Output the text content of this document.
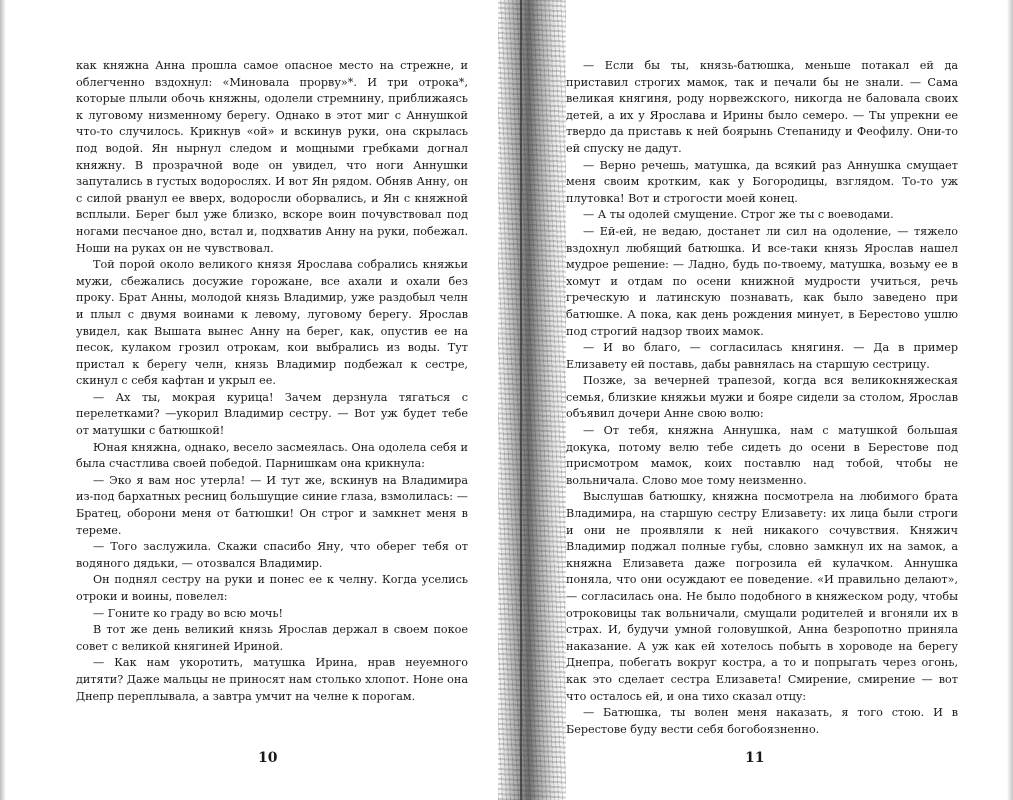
как княжна Анна прошла самое опасное место на стрежне, и облегченно вздохнул: «Миновала прорву»*. И три отрока*, которые плыли обочь княжны, одолели стремнину, приближаясь к луговому низменному берегу. Однако в этот миг с Аннушкой что-то случилось. Крикнув «ой» и вскинув руки, она скрылась под водой. Ян нырнул следом и мощными гребками догнал княжну. В прозрачной воде он увидел, что ноги Аннушки запутались в густых водорослях. И вот Ян рядом. Обняв Анну, он с силой рванул ее вверх, водоросли оборвались, и Ян с княжной всплыли. Берег был уже близко, вскоре воин почувствовал под ногами песчаное дно, встал и, подхватив Анну на руки, побежал. Ноши на руках он не чувствовал.

Той порой около великого князя Ярослава собрались княжьи мужи, сбежались досужие горожане, все ахали и охали без проку. Брат Анны, молодой князь Владимир, уже раздобыл челн и плыл с двумя воинами к левому, луговому берегу. Ярослав увидел, как Вышата вынес Анну на берег, как, опустив ее на песок, кулаком грозил отрокам, кои выбрались из воды. Тут пристал к берегу челн, князь Владимир подбежал к сестре, скинул с себя кафтан и укрыл ее.

— Ах ты, мокрая курица! Зачем дерзнула тягаться с перелетками? —укорил Владимир сестру. — Вот уж будет тебе от матушки с батюшкой!

Юная княжна, однако, весело засмеялась. Она одолела себя и была счастлива своей победой. Парнишкам она крикнула:

— Эко я вам нос утерла! — И тут же, вскинув на Владимира из-под бархатных ресниц большущие синие глаза, взмолилась: —Братец, оборони меня от батюшки! Он строг и замкнет меня в тереме.

— Того заслужила. Скажи спасибо Яну, что оберег тебя от водяного дядьки, — отозвался Владимир.

Он поднял сестру на руки и понес ее к челну. Когда уселись отроки и воины, повелел:

— Гоните ко граду во всю мочь!

В тот же день великий князь Ярослав держал в своем покое совет с великой княгиней Ириной.

— Как нам укоротить, матушка Ирина, нрав неуемного дитяти? Даже мальцы не приносят нам столько хлопот. Ноне она Днепр переплывала, а завтра умчит на челне к порогам.

10

— Если бы ты, князь-батюшка, меньше потакал ей да приставил строгих мамок, так и печали бы не знали. — Сама великая княгиня, роду норвежского, никогда не баловала своих детей, а их у Ярослава и Ирины было семеро. — Ты упрекни ее твердо да приставь к ней боярынь Степаниду и Феофилу. Они-то ей спуску не дадут.

— Верно речешь, матушка, да всякий раз Аннушка смущает меня своим кротким, как у Богородицы, взглядом. То-то уж плутовка! Вот и строгости моей конец.

— А ты одолей смущение. Строг же ты с воеводами.

— Ей-ей, не ведаю, достанет ли сил на одоление, — тяжело вздохнул любящий батюшка. И все-таки князь Ярослав нашел мудрое решение: — Ладно, будь по-твоему, матушка, возьму ее в хомут и отдам по осени книжной мудрости учиться, речь греческую и латинскую познавать, как было заведено при батюшке. А пока, как день рождения минует, в Берестово ушлю под строгий надзор твоих мамок.

— И во благо, — согласилась княгиня. — Да в пример Елизавету ей поставь, дабы равнялась на старшую сестрицу.

Позже, за вечерней трапезой, когда вся великокняжеская семья, близкие княжьи мужи и бояре сидели за столом, Ярослав объявил дочери Анне свою волю:

— От тебя, княжна Аннушка, нам с матушкой большая докука, потому велю тебе сидеть до осени в Берестове под присмотром мамок, коих поставлю над тобой, чтобы не вольничала. Слово мое тому неизменно.

Выслушав батюшку, княжна посмотрела на любимого брата Владимира, на старшую сестру Елизавету: их лица были строги и они не проявляли к ней никакого сочувствия. Княжич Владимир поджал полные губы, словно замкнул их на замок, а княжна Елизавета даже погрозила ей кулачком. Аннушка поняла, что они осуждают ее поведение. «И правильно делают», — согласилась она. Не было подобного в княжеском роду, чтобы отроковицы так вольничали, смущали родителей и вгоняли их в страх. И, будучи умной головушкой, Анна безропотно приняла наказание. А уж как ей хотелось побыть в хороводе на берегу Днепра, побегать вокруг костра, а то и попрыгать через огонь, как это сделает сестра Елизавета! Смирение, смирение — вот что осталось ей, и она тихо сказал отцу:

— Батюшка, ты волен меня наказать, я того стою. И в Берестове буду вести себя богобоязненно.

11
